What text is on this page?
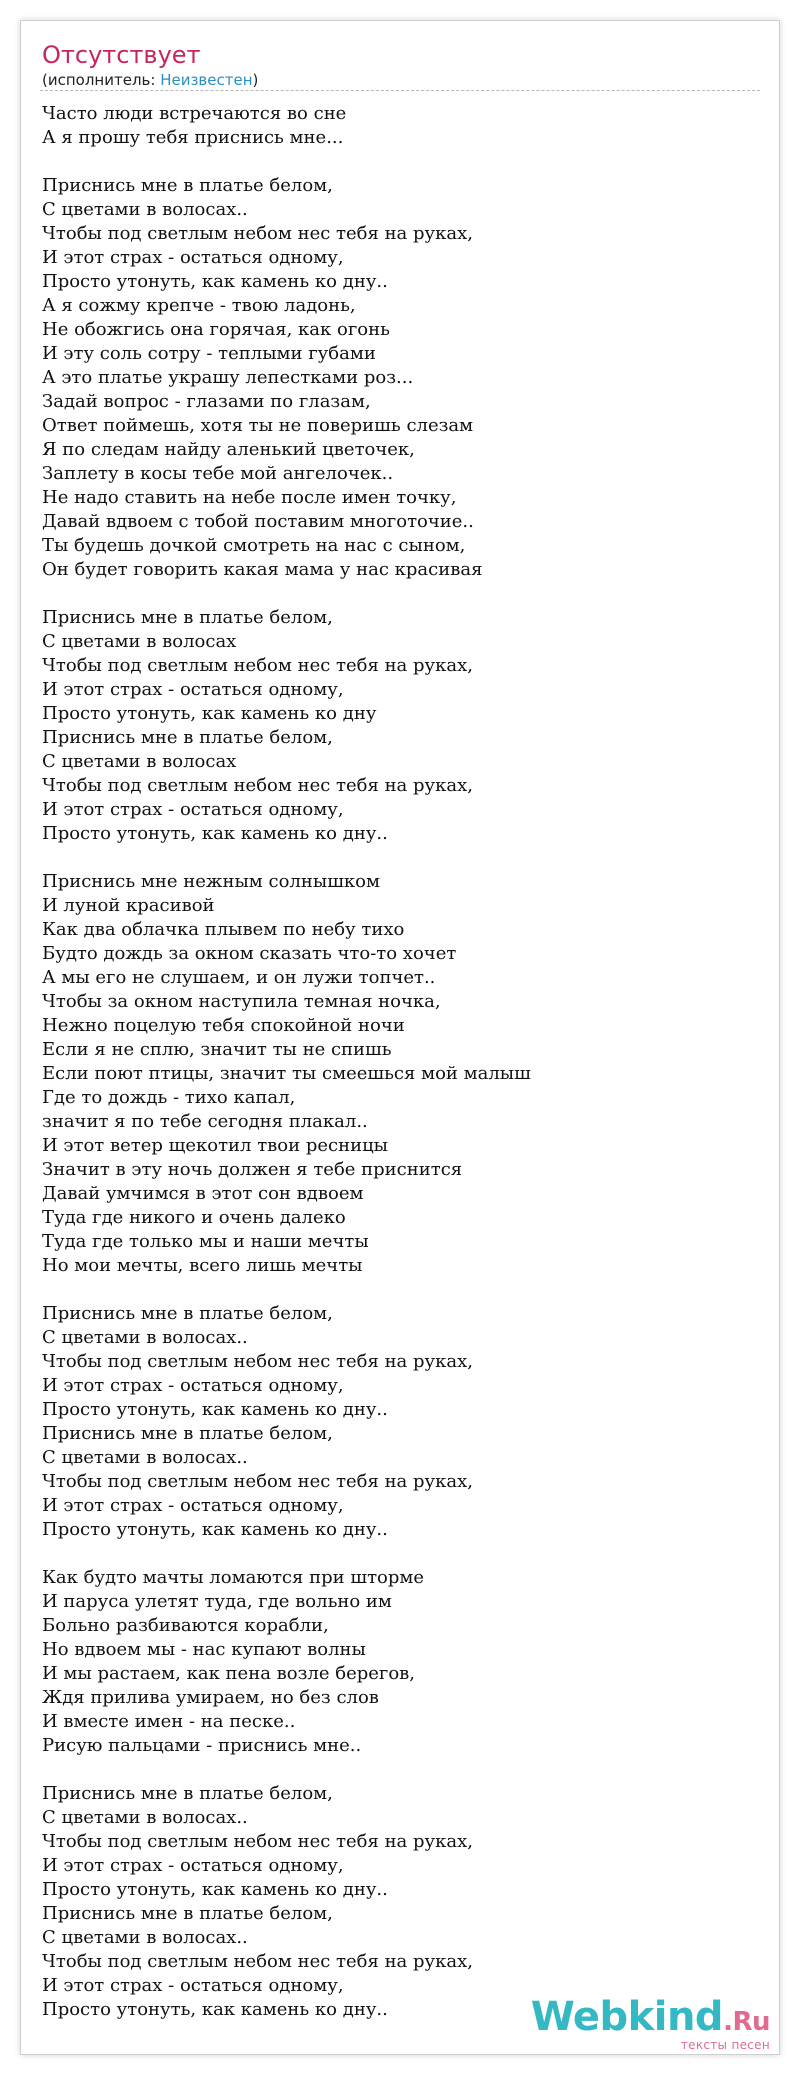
Отсутствует
(исполнитель: Неизвестен)
Часто люди встречаются во сне
А я прошу тебя приснись мне...

Приснись мне в платье белом,
С цветами в волосах..
Чтобы под светлым небом нес тебя на руках,
И этот страх - остаться одному,
Просто утонуть, как камень ко дну..
А я сожму крепче - твою ладонь,
Не обожгись она горячая, как огонь
И эту соль сотру - теплыми губами
А это платье украшу лепестками роз...
Задай вопрос - глазами по глазам,
Ответ поймешь, хотя ты не поверишь слезам
Я по следам найду аленький цветочек,
Заплету в косы тебе мой ангелочек..
Не надо ставить на небе после имен точку,
Давай вдвоем с тобой поставим многоточие..
Ты будешь дочкой смотреть на нас с сыном,
Он будет говорить какая мама у нас красивая

Приснись мне в платье белом,
С цветами в волосах
Чтобы под светлым небом нес тебя на руках,
И этот страх - остаться одному,
Просто утонуть, как камень ко дну
Приснись мне в платье белом,
С цветами в волосах
Чтобы под светлым небом нес тебя на руках,
И этот страх - остаться одному,
Просто утонуть, как камень ко дну..

Приснись мне нежным солнышком
И луной красивой
Как два облачка плывем по небу тихо
Будто дождь за окном сказать что-то хочет
А мы его не слушаем, и он лужи топчет..
Чтобы за окном наступила темная ночка,
Нежно поцелую тебя спокойной ночи
Если я не сплю, значит ты не спишь
Если поют птицы, значит ты смеешься мой малыш
Где то дождь - тихо капал,
значит я по тебе сегодня плакал..
И этот ветер щекотил твои ресницы
Значит в эту ночь должен я тебе приснится
Давай умчимся в этот сон вдвоем
Туда где никого и очень далеко
Туда где только мы и наши мечты
Но мои мечты, всего лишь мечты

Приснись мне в платье белом,
С цветами в волосах..
Чтобы под светлым небом нес тебя на руках,
И этот страх - остаться одному,
Просто утонуть, как камень ко дну..
Приснись мне в платье белом,
С цветами в волосах..
Чтобы под светлым небом нес тебя на руках,
И этот страх - остаться одному,
Просто утонуть, как камень ко дну..

Как будто мачты ломаются при шторме
И паруса улетят туда, где вольно им
Больно разбиваются корабли,
Но вдвоем мы - нас купают волны
И мы растаем, как пена возле берегов,
Ждя прилива умираем, но без слов
И вместе имен - на песке..
Рисую пальцами - приснись мне..

Приснись мне в платье белом,
С цветами в волосах..
Чтобы под светлым небом нес тебя на руках,
И этот страх - остаться одному,
Просто утонуть, как камень ко дну..
Приснись мне в платье белом,
С цветами в волосах..
Чтобы под светлым небом нес тебя на руках,
И этот страх - остаться одному,
Просто утонуть, как камень ко дну..	Webkind.Ru
тексты песен
